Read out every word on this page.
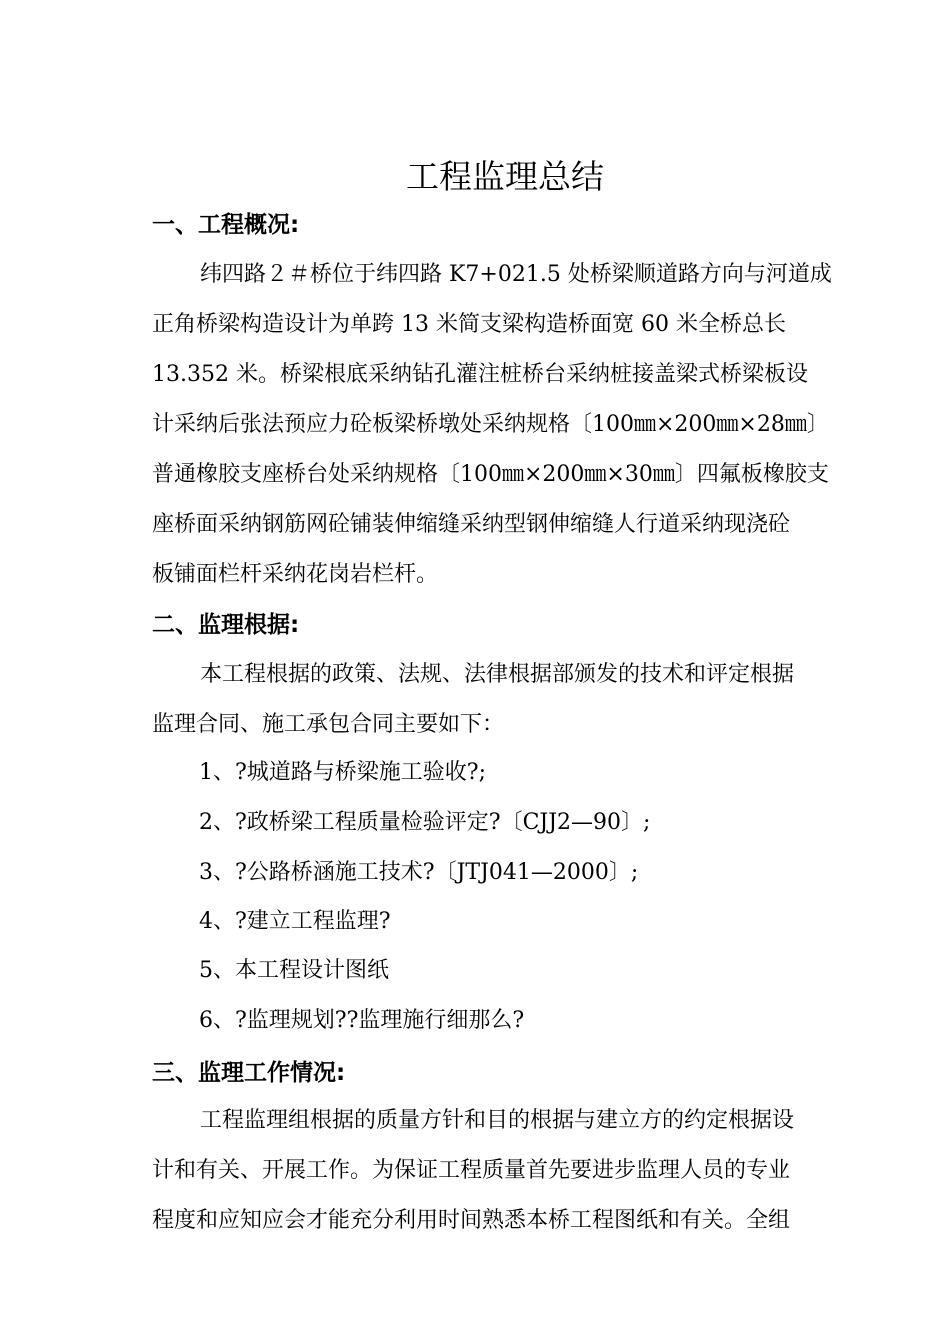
工程监理总结
一、工程概况:
纬四路２＃桥位于纬四路 K7+021.5 处桥梁顺道路方向与河道成
正角桥梁构造设计为单跨 13 米简支梁构造桥面宽 60 米全桥总长
13.352 米。桥梁根底采纳钻孔灌注桩桥台采纳桩接盖梁式桥梁板设
计采纳后张法预应力砼板梁桥墩处采纳规格〔100㎜×200㎜×28㎜〕
普通橡胶支座桥台处采纳规格〔100㎜×200㎜×30㎜〕四氟板橡胶支
座桥面采纳钢筋网砼铺装伸缩缝采纳型钢伸缩缝人行道采纳现浇砼
板铺面栏杆采纳花岗岩栏杆。
二、监理根据:
本工程根据的政策、法规、法律根据部颁发的技术和评定根据
监理合同、施工承包合同主要如下：
1、?城道路与桥梁施工验收?;
2、?政桥梁工程质量检验评定?〔CJJ2—90〕;
3、?公路桥涵施工技术?〔JTJ041—2000〕;
4、?建立工程监理?
5、本工程设计图纸
6、?监理规划??监理施行细那么?
三、监理工作情况:
工程监理组根据的质量方针和目的根据与建立方的约定根据设
计和有关、开展工作。为保证工程质量首先要进步监理人员的专业
程度和应知应会才能充分利用时间熟悉本桥工程图纸和有关。全组
